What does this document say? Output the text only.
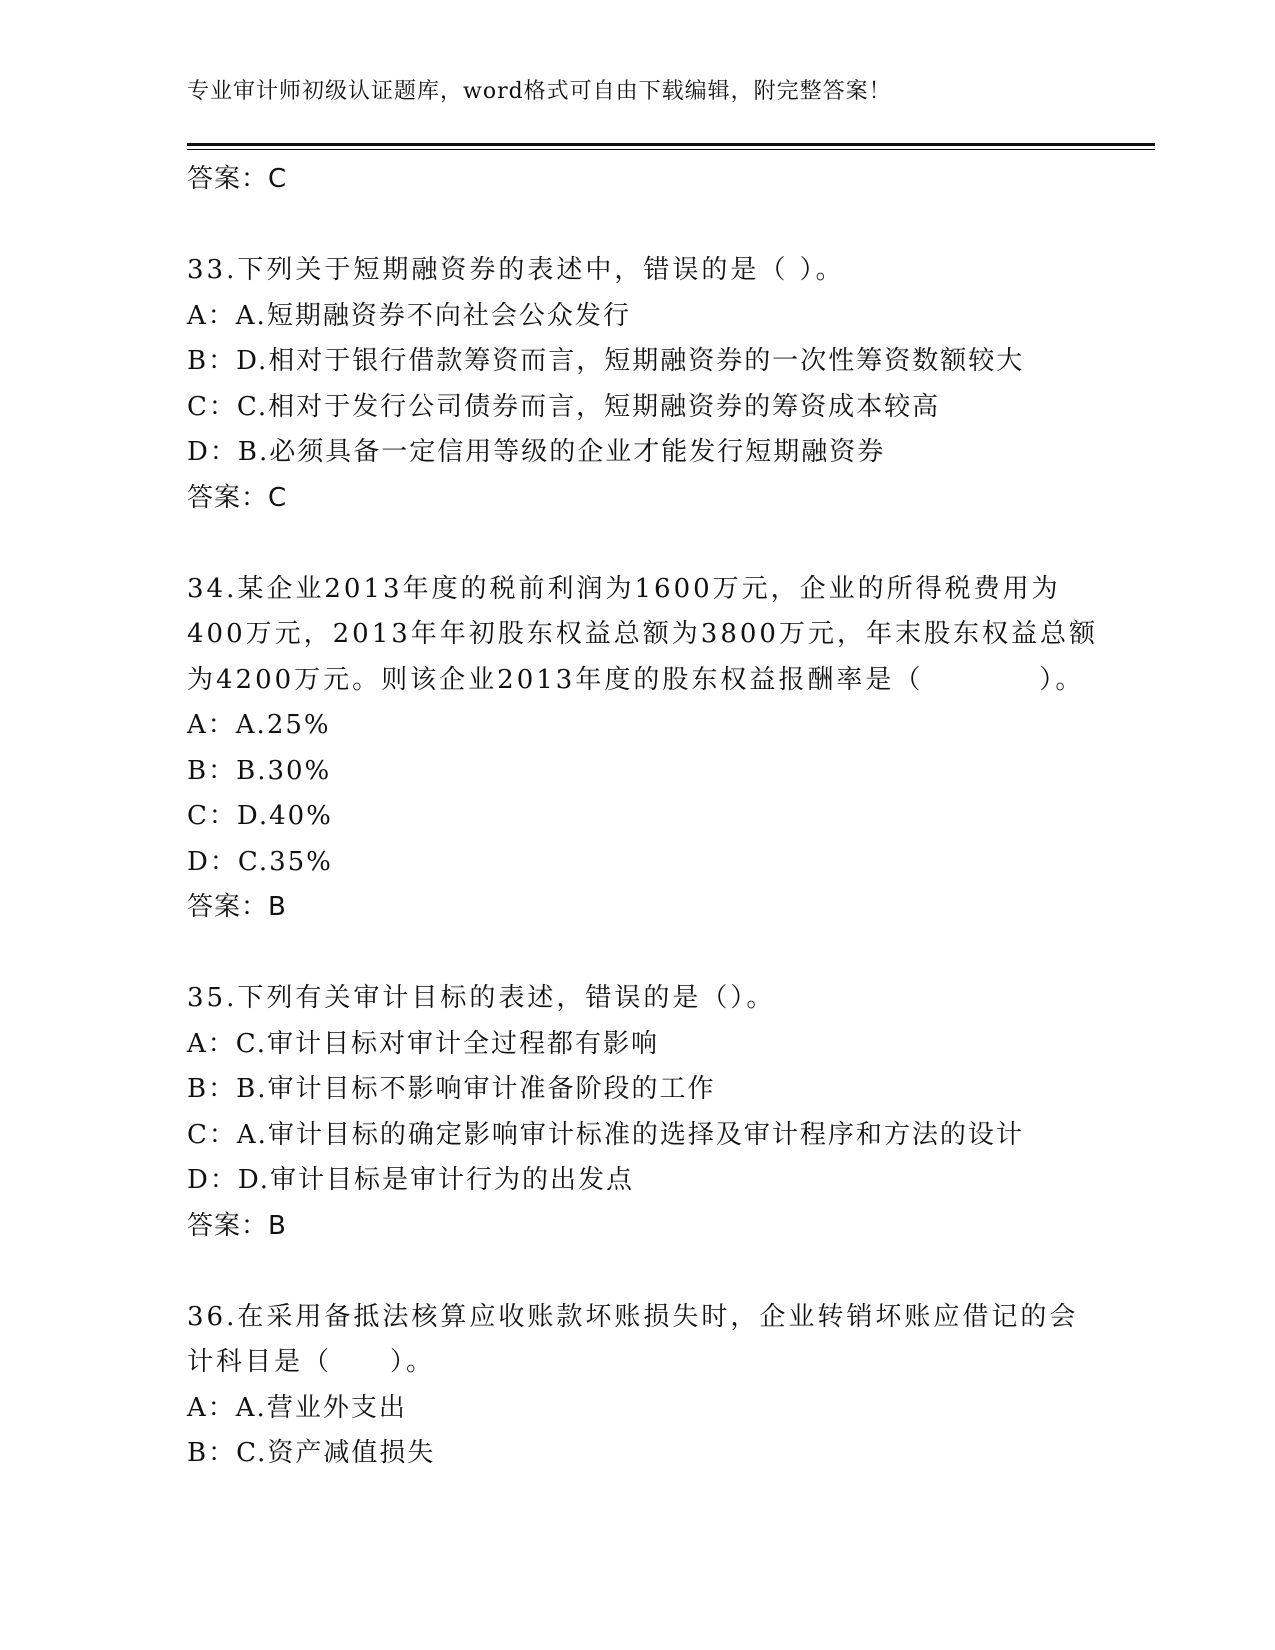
专业审计师初级认证题库，word格式可自由下载编辑，附完整答案！
答案：C
33.下列关于短期融资券的表述中，错误的是（ ）。
A：A.短期融资券不向社会公众发行
B：D.相对于银行借款筹资而言，短期融资券的一次性筹资数额较大
C：C.相对于发行公司债券而言，短期融资券的筹资成本较高
D：B.必须具备一定信用等级的企业才能发行短期融资券
答案：C
34.某企业2013年度的税前利润为1600万元，企业的所得税费用为
400万元，2013年年初股东权益总额为3800万元，年末股东权益总额
为4200万元。则该企业2013年度的股东权益报酬率是（　　　　）。
A：A.25%
B：B.30%
C：D.40%
D：C.35%
答案：B
35.下列有关审计目标的表述，错误的是（）。
A：C.审计目标对审计全过程都有影响
B：B.审计目标不影响审计准备阶段的工作
C：A.审计目标的确定影响审计标准的选择及审计程序和方法的设计
D：D.审计目标是审计行为的出发点
答案：B
36.在采用备抵法核算应收账款坏账损失时，企业转销坏账应借记的会
计科目是（　　）。
A：A.营业外支出
B：C.资产减值损失
